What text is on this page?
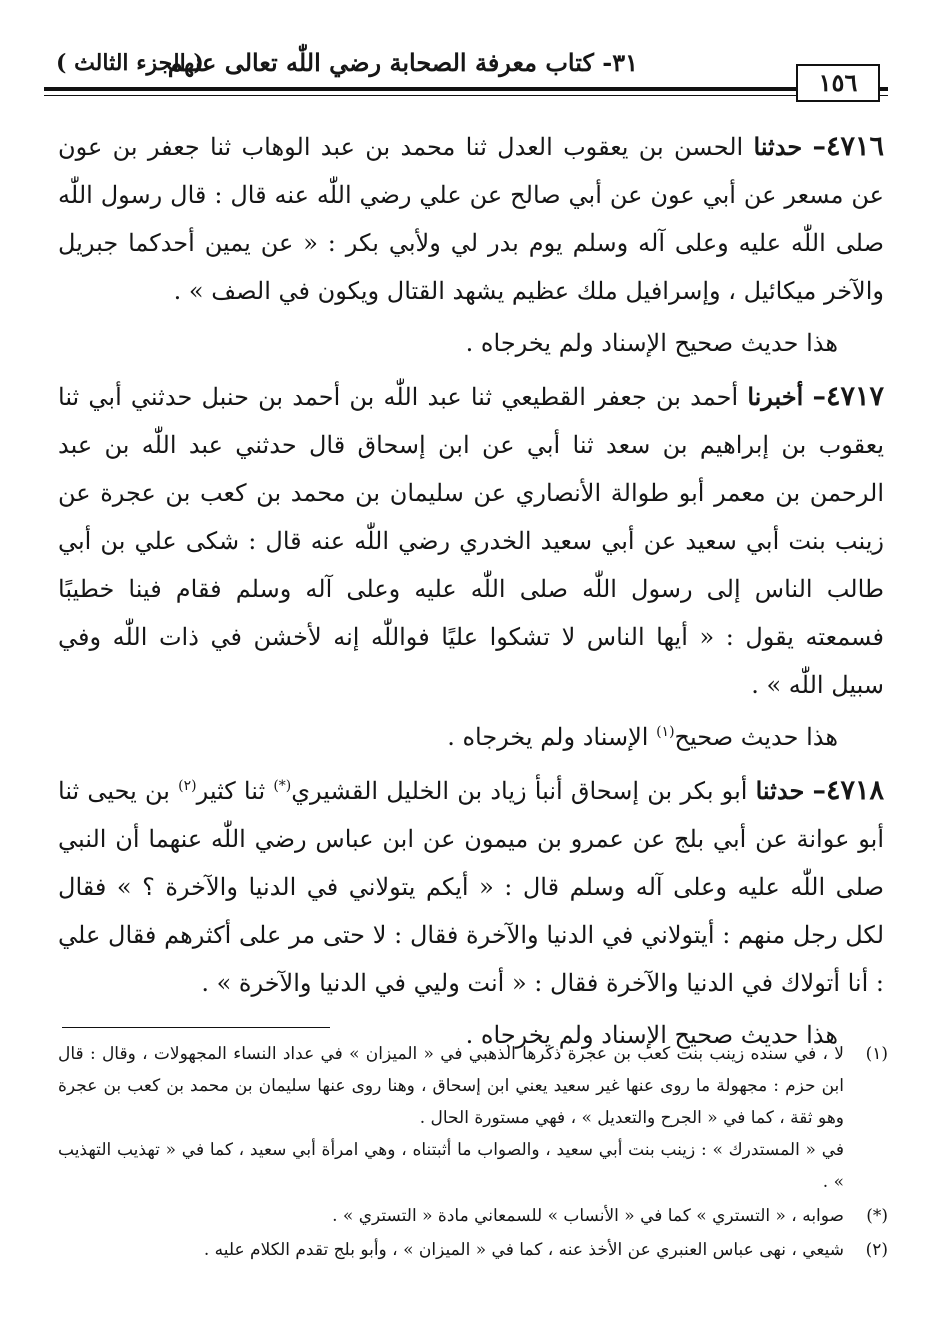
٣١- كتاب معرفة الصحابة رضي اللّٰه تعالى عنهم
( الجزء الثالث )
١٥٦

٤٧١٦– حدثنا الحسن بن يعقوب العدل ثنا محمد بن عبد الوهاب ثنا جعفر بن عون عن مسعر عن أبي عون عن أبي صالح عن علي رضي اللّٰه عنه قال : قال رسول اللّٰه صلى اللّٰه عليه وعلى آله وسلم يوم بدر لي ولأبي بكر : « عن يمين أحدكما جبريل والآخر ميكائيل ، وإسرافيل ملك عظيم يشهد القتال ويكون في الصف » .

هذا حديث صحيح الإسناد ولم يخرجاه .

٤٧١٧– أخبرنا أحمد بن جعفر القطيعي ثنا عبد اللّٰه بن أحمد بن حنبل حدثني أبي ثنا يعقوب بن إبراهيم بن سعد ثنا أبي عن ابن إسحاق قال حدثني عبد اللّٰه بن عبد الرحمن بن معمر أبو طوالة الأنصاري عن سليمان بن محمد بن كعب بن عجرة عن زينب بنت أبي سعيد عن أبي سعيد الخدري رضي اللّٰه عنه قال : شكى علي بن أبي طالب الناس إلى رسول اللّٰه صلى اللّٰه عليه وعلى آله وسلم فقام فينا خطيبًا فسمعته يقول : « أيها الناس لا تشكوا عليًا فواللّٰه إنه لأخشن في ذات اللّٰه وفي سبيل اللّٰه » .

هذا حديث صحيح$^{(١)}$ الإسناد ولم يخرجاه .

٤٧١٨– حدثنا أبو بكر بن إسحاق أنبأ زياد بن الخليل القشيري(*) ثنا كثير$^{(٢)}$ بن يحيى ثنا أبو عوانة عن أبي بلج عن عمرو بن ميمون عن ابن عباس رضي اللّٰه عنهما أن النبي صلى اللّٰه عليه وعلى آله وسلم قال : « أيكم يتولاني في الدنيا والآخرة ؟ » فقال لكل رجل منهم : أيتولاني في الدنيا والآخرة فقال : لا حتى مر على أكثرهم فقال علي : أنا أتولاك في الدنيا والآخرة فقال : « أنت وليي في الدنيا والآخرة » .

هذا حديث صحيح الإسناد ولم يخرجاه .
(١)
لا ، في سنده زينب بنت كعب بن عجرة ذكرها الذهبي في « الميزان » في عداد النساء المجهولات ، وقال : قال ابن حزم : مجهولة ما روى عنها غير سعيد يعني ابن إسحاق ، وهنا روى عنها سليمان بن محمد بن كعب بن عجرة وهو ثقة ، كما في « الجرح والتعديل » ، فهي مستورة الحال .
في « المستدرك » : زينب بنت أبي سعيد ، والصواب ما أثبتناه ، وهي امرأة أبي سعيد ، كما في « تهذيب التهذيب » .
(*)
صوابه ، « التستري » كما في « الأنساب » للسمعاني مادة « التستري » .
(٢)
شيعي ، نهى عباس العنبري عن الأخذ عنه ، كما في « الميزان » ، وأبو بلج تقدم الكلام عليه .
